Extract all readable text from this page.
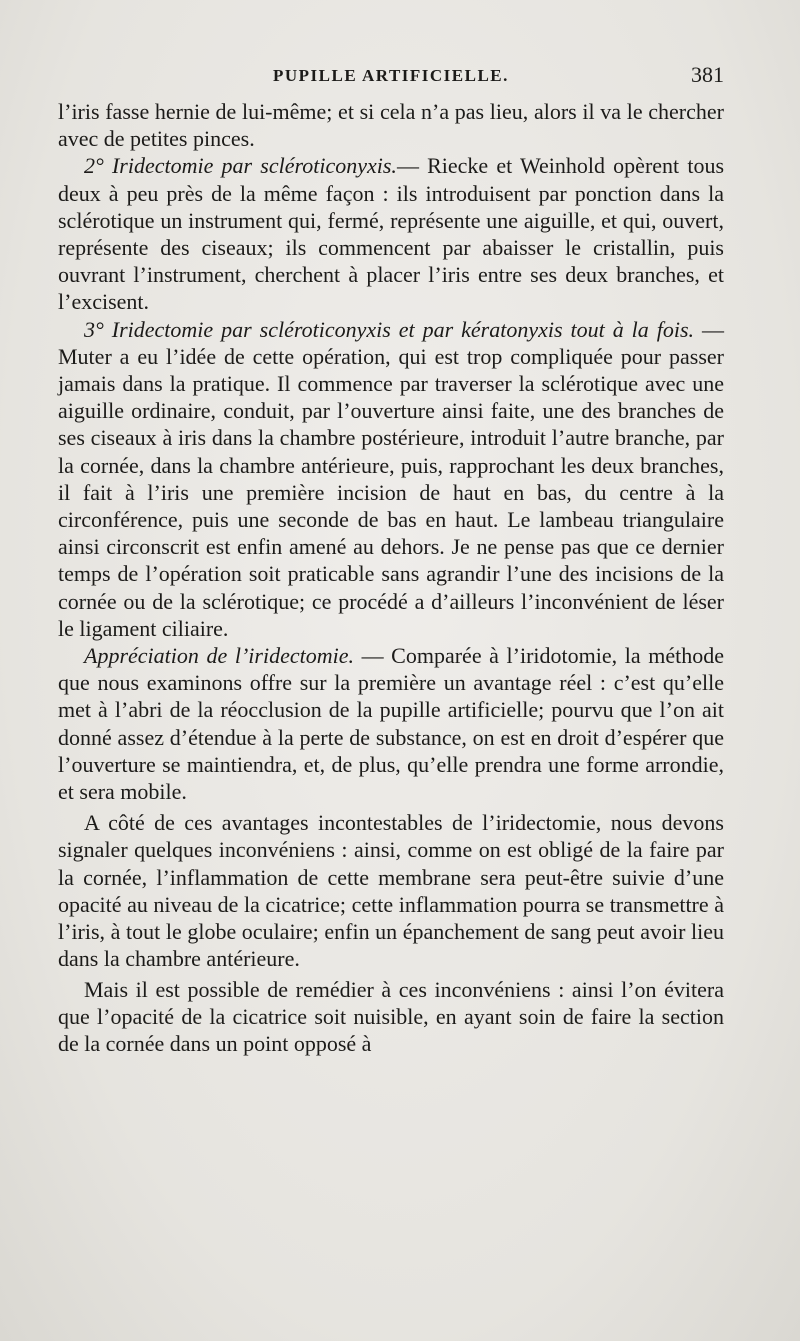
PUPILLE ARTIFICIELLE.	381

l’iris fasse hernie de lui-même; et si cela n’a pas lieu, alors il va le chercher avec de petites pinces.

2° Iridectomie par scléroticonyxis.— Riecke et Weinhold opèrent tous deux à peu près de la même façon : ils introduisent par ponction dans la sclérotique un instrument qui, fermé, représente une aiguille, et qui, ouvert, représente des ciseaux; ils commencent par abaisser le cristallin, puis ouvrant l’instrument, cherchent à placer l’iris entre ses deux branches, et l’excisent.

3° Iridectomie par scléroticonyxis et par kératonyxis tout à la fois. — Muter a eu l’idée de cette opération, qui est trop compliquée pour passer jamais dans la pratique. Il commence par traverser la sclérotique avec une aiguille ordinaire, conduit, par l’ouverture ainsi faite, une des branches de ses ciseaux à iris dans la chambre postérieure, introduit l’autre branche, par la cornée, dans la chambre antérieure, puis, rapprochant les deux branches, il fait à l’iris une première incision de haut en bas, du centre à la circonférence, puis une seconde de bas en haut. Le lambeau triangulaire ainsi circonscrit est enfin amené au dehors. Je ne pense pas que ce dernier temps de l’opération soit praticable sans agrandir l’une des incisions de la cornée ou de la sclérotique; ce procédé a d’ailleurs l’inconvénient de léser le ligament ciliaire.

Appréciation de l’iridectomie. — Comparée à l’iridotomie, la méthode que nous examinons offre sur la première un avantage réel : c’est qu’elle met à l’abri de la réocclusion de la pupille artificielle; pourvu que l’on ait donné assez d’étendue à la perte de substance, on est en droit d’espérer que l’ouverture se maintiendra, et, de plus, qu’elle prendra une forme arrondie, et sera mobile.

A côté de ces avantages incontestables de l’iridectomie, nous devons signaler quelques inconvéniens : ainsi, comme on est obligé de la faire par la cornée, l’inflammation de cette membrane sera peut-être suivie d’une opacité au niveau de la cicatrice; cette inflammation pourra se transmettre à l’iris, à tout le globe oculaire; enfin un épanchement de sang peut avoir lieu dans la chambre antérieure.

Mais il est possible de remédier à ces inconvéniens : ainsi l’on évitera que l’opacité de la cicatrice soit nuisible, en ayant soin de faire la section de la cornée dans un point opposé à
